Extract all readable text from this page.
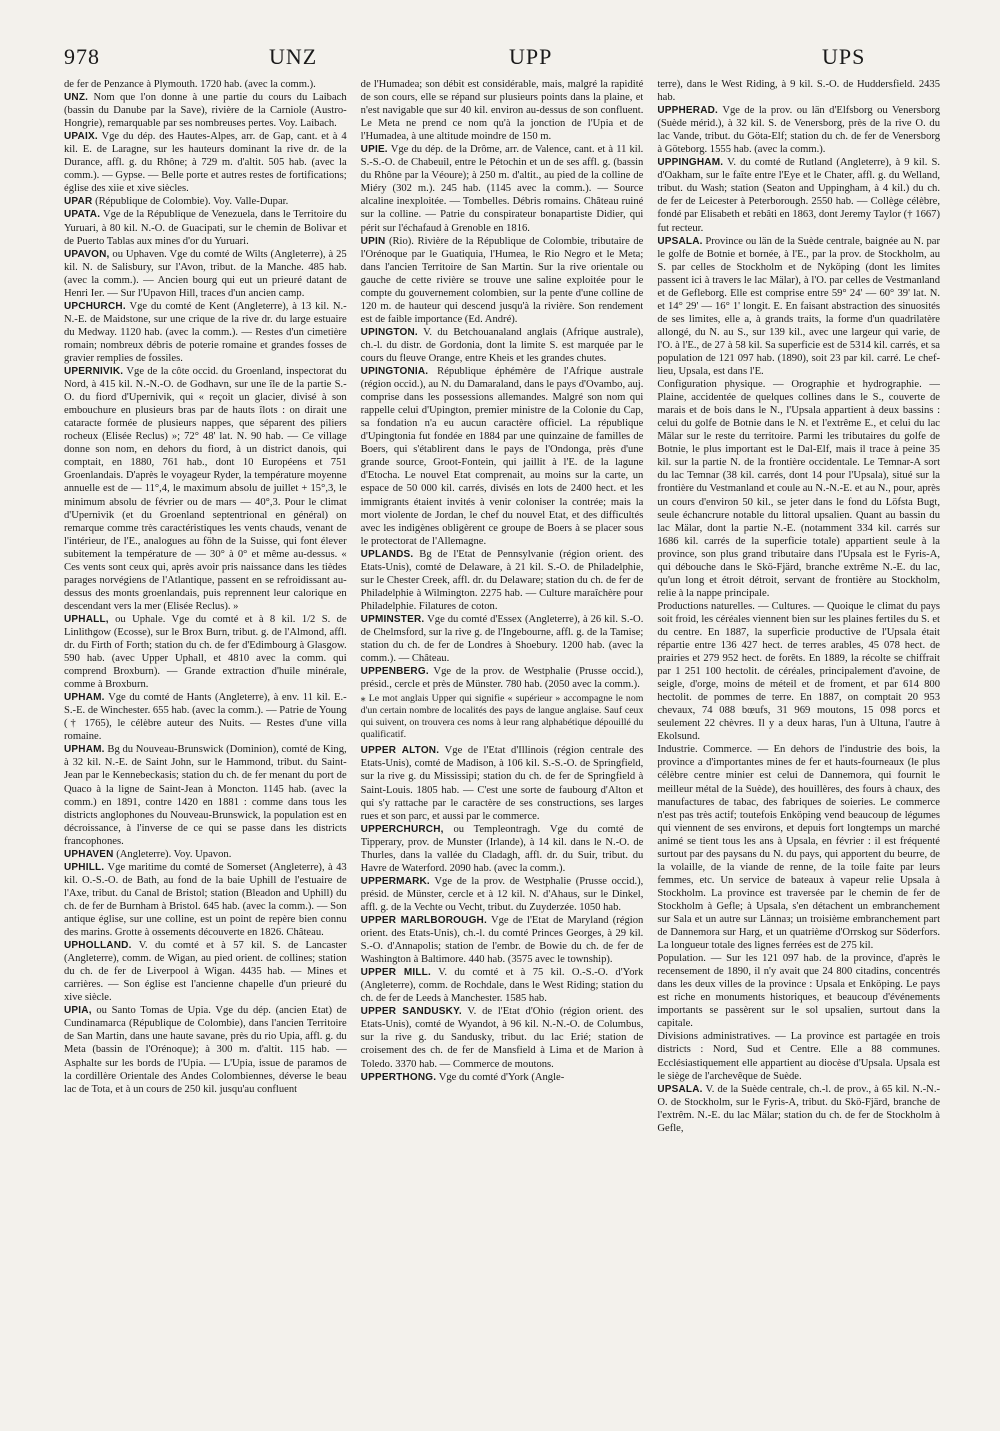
978	UNZ	UPP	UPS

de fer de Penzance à Plymouth. 1720 hab. (avec la comm.).

UNZ. Nom que l'on donne à une partie du cours du Laibach (bassin du Danube par la Save), rivière de la Carniole (Austro-Hongrie), remarquable par ses nombreuses pertes. Voy. Laibach.

UPAIX. Vge du dép. des Hautes-Alpes, arr. de Gap, cant. et à 4 kil. E. de Laragne, sur les hauteurs dominant la rive dr. de la Durance, affl. g. du Rhône; à 729 m. d'altit. 505 hab. (avec la comm.). — Gypse. — Belle porte et autres restes de fortifications; église des xiie et xive siècles.

UPAR (République de Colombie). Voy. Valle-Dupar.

UPATA. Vge de la République de Venezuela, dans le Territoire du Yuruari, à 80 kil. N.-O. de Guacipati, sur le chemin de Bolivar et de Puerto Tablas aux mines d'or du Yuruari.

UPAVON, ou Uphaven. Vge du comté de Wilts (Angleterre), à 25 kil. N. de Salisbury, sur l'Avon, tribut. de la Manche. 485 hab. (avec la comm.). — Ancien bourg qui eut un prieuré datant de Henri Ier. — Sur l'Upavon Hill, traces d'un ancien camp.

UPCHURCH. Vge du comté de Kent (Angleterre), à 13 kil. N.-N.-E. de Maidstone, sur une crique de la rive dr. du large estuaire du Medway. 1120 hab. (avec la comm.). — Restes d'un cimetière romain; nombreux débris de poterie romaine et grandes fosses de gravier remplies de fossiles.

UPERNIVIK. Vge de la côte occid. du Groenland, inspectorat du Nord, à 415 kil. N.-N.-O. de Godhavn, sur une île de la partie S.-O. du fiord d'Upernivik, qui « reçoit un glacier, divisé à son embouchure en plusieurs bras par de hauts îlots : on dirait une cataracte formée de plusieurs nappes, que séparent des piliers rocheux (Elisée Reclus) »; 72° 48' lat. N. 90 hab. — Ce village donne son nom, en dehors du fiord, à un district danois, qui comptait, en 1880, 761 hab., dont 10 Européens et 751 Groenlandais. D'après le voyageur Ryder, la température moyenne annuelle est de — 11°,4, le maximum absolu de juillet + 15°,3, le minimum absolu de février ou de mars — 40°,3. Pour le climat d'Upernivik (et du Groenland septentrional en général) on remarque comme très caractéristiques les vents chauds, venant de l'intérieur, de l'E., analogues au föhn de la Suisse, qui font élever subitement la température de — 30° à 0° et même au-dessus. « Ces vents sont ceux qui, après avoir pris naissance dans les tièdes parages norvégiens de l'Atlantique, passent en se refroidissant au-dessus des monts groenlandais, puis reprennent leur calorique en descendant vers la mer (Elisée Reclus). »

UPHALL, ou Uphale. Vge du comté et à 8 kil. 1/2 S. de Linlithgow (Ecosse), sur le Brox Burn, tribut. g. de l'Almond, affl. dr. du Firth of Forth; station du ch. de fer d'Edimbourg à Glasgow. 590 hab. (avec Upper Uphall, et 4810 avec la comm. qui comprend Broxburn). — Grande extraction d'huile minérale, comme à Broxburn.

UPHAM. Vge du comté de Hants (Angleterre), à env. 11 kil. E.-S.-E. de Winchester. 655 hab. (avec la comm.). — Patrie de Young († 1765), le célèbre auteur des Nuits. — Restes d'une villa romaine.

UPHAM. Bg du Nouveau-Brunswick (Dominion), comté de King, à 32 kil. N.-E. de Saint John, sur le Hammond, tribut. du Saint-Jean par le Kennebeckasis; station du ch. de fer menant du port de Quaco à la ligne de Saint-Jean à Moncton. 1145 hab. (avec la comm.) en 1891, contre 1420 en 1881 : comme dans tous les districts anglophones du Nouveau-Brunswick, la population est en décroissance, à l'inverse de ce qui se passe dans les districts francophones.

UPHAVEN (Angleterre). Voy. Upavon.

UPHILL. Vge maritime du comté de Somerset (Angleterre), à 43 kil. O.-S.-O. de Bath, au fond de la baie Uphill de l'estuaire de l'Axe, tribut. du Canal de Bristol; station (Bleadon and Uphill) du ch. de fer de Burnham à Bristol. 645 hab. (avec la comm.). — Son antique église, sur une colline, est un point de repère bien connu des marins. Grotte à ossements découverte en 1826. Château.

UPHOLLAND. V. du comté et à 57 kil. S. de Lancaster (Angleterre), comm. de Wigan, au pied orient. de collines; station du ch. de fer de Liverpool à Wigan. 4435 hab. — Mines et carrières. — Son église est l'ancienne chapelle d'un prieuré du xive siècle.

UPIA, ou Santo Tomas de Upia. Vge du dép. (ancien Etat) de Cundinamarca (République de Colombie), dans l'ancien Territoire de San Martin, dans une haute savane, près du rio Upia, affl. g. du Meta (bassin de l'Orénoque); à 300 m. d'altit. 115 hab. — Asphalte sur les bords de l'Upia. — L'Upia, issue de paramos de la cordillère Orientale des Andes Colombiennes, déverse le beau lac de Tota, et à un cours de 250 kil. jusqu'au confluent

de l'Humadea; son débit est considérable, mais, malgré la rapidité de son cours, elle se répand sur plusieurs points dans la plaine, et n'est navigable que sur 40 kil. environ au-dessus de son confluent. Le Meta ne prend ce nom qu'à la jonction de l'Upia et de l'Humadea, à une altitude moindre de 150 m.

UPIE. Vge du dép. de la Drôme, arr. de Valence, cant. et à 11 kil. S.-S.-O. de Chabeuil, entre le Pétochin et un de ses affl. g. (bassin du Rhône par la Véoure); à 250 m. d'altit., au pied de la colline de Miéry (302 m.). 245 hab. (1145 avec la comm.). — Source alcaline inexploitée. — Tombelles. Débris romains. Château ruiné sur la colline. — Patrie du conspirateur bonapartiste Didier, qui périt sur l'échafaud à Grenoble en 1816.

UPIN (Rio). Rivière de la République de Colombie, tributaire de l'Orénoque par le Guatiquia, l'Humea, le Rio Negro et le Meta; dans l'ancien Territoire de San Martin. Sur la rive orientale ou gauche de cette rivière se trouve une saline exploitée pour le compte du gouvernement colombien, sur la pente d'une colline de 120 m. de hauteur qui descend jusqu'à la rivière. Son rendement est de faible importance (Ed. André).

UPINGTON. V. du Betchouanaland anglais (Afrique australe), ch.-l. du distr. de Gordonia, dont la limite S. est marquée par le cours du fleuve Orange, entre Kheis et les grandes chutes.

UPINGTONIA. République éphémère de l'Afrique australe (région occid.), au N. du Damaraland, dans le pays d'Ovambo, auj. comprise dans les possessions allemandes. Malgré son nom qui rappelle celui d'Upington, premier ministre de la Colonie du Cap, sa fondation n'a eu aucun caractère officiel. La république d'Upingtonia fut fondée en 1884 par une quinzaine de familles de Boers, qui s'établirent dans le pays de l'Ondonga, près d'une grande source, Groot-Fontein, qui jaillit à l'E. de la lagune d'Etocha. Le nouvel Etat comprenait, au moins sur la carte, un espace de 50 000 kil. carrés, divisés en lots de 2400 hect. et les immigrants étaient invités à venir coloniser la contrée; mais la mort violente de Jordan, le chef du nouvel Etat, et des difficultés avec les indigènes obligèrent ce groupe de Boers à se placer sous le protectorat de l'Allemagne.

UPLANDS. Bg de l'Etat de Pennsylvanie (région orient. des Etats-Unis), comté de Delaware, à 21 kil. S.-O. de Philadelphie, sur le Chester Creek, affl. dr. du Delaware; station du ch. de fer de Philadelphie à Wilmington. 2275 hab. — Culture maraîchère pour Philadelphie. Filatures de coton.

UPMINSTER. Vge du comté d'Essex (Angleterre), à 26 kil. S.-O. de Chelmsford, sur la rive g. de l'Ingebourne, affl. g. de la Tamise; station du ch. de fer de Londres à Shoebury. 1200 hab. (avec la comm.). — Château.

UPPENBERG. Vge de la prov. de Westphalie (Prusse occid.), présid., cercle et près de Münster. 780 hab. (2050 avec la comm.).

⁎ Le mot anglais Upper qui signifie « supérieur » accompagne le nom d'un certain nombre de localités des pays de langue anglaise. Sauf ceux qui suivent, on trouvera ces noms à leur rang alphabétique dépouillé du qualificatif.

UPPER ALTON. Vge de l'Etat d'Illinois (région centrale des Etats-Unis), comté de Madison, à 106 kil. S.-S.-O. de Springfield, sur la rive g. du Mississipi; station du ch. de fer de Springfield à Saint-Louis. 1805 hab. — C'est une sorte de faubourg d'Alton et qui s'y rattache par le caractère de ses constructions, ses larges rues et son parc, et aussi par le commerce.

UPPERCHURCH, ou Templeontragh. Vge du comté de Tipperary, prov. de Munster (Irlande), à 14 kil. dans le N.-O. de Thurles, dans la vallée du Cladagh, affl. dr. du Suir, tribut. du Havre de Waterford. 2090 hab. (avec la comm.).

UPPERMARK. Vge de la prov. de Westphalie (Prusse occid.), présid. de Münster, cercle et à 12 kil. N. d'Ahaus, sur le Dinkel, affl. g. de la Vechte ou Vecht, tribut. du Zuyderzée. 1050 hab.

UPPER MARLBOROUGH. Vge de l'Etat de Maryland (région orient. des Etats-Unis), ch.-l. du comté Princes Georges, à 29 kil. S.-O. d'Annapolis; station de l'embr. de Bowie du ch. de fer de Washington à Baltimore. 440 hab. (3575 avec le township).

UPPER MILL. V. du comté et à 75 kil. O.-S.-O. d'York (Angleterre), comm. de Rochdale, dans le West Riding; station du ch. de fer de Leeds à Manchester. 1585 hab.

UPPER SANDUSKY. V. de l'Etat d'Ohio (région orient. des Etats-Unis), comté de Wyandot, à 96 kil. N.-N.-O. de Columbus, sur la rive g. du Sandusky, tribut. du lac Erié; station de croisement des ch. de fer de Mansfield à Lima et de Marion à Toledo. 3370 hab. — Commerce de moutons.

UPPERTHONG. Vge du comté d'York (Angle-

terre), dans le West Riding, à 9 kil. S.-O. de Huddersfield. 2435 hab.

UPPHERAD. Vge de la prov. ou län d'Elfsborg ou Venersborg (Suède mérid.), à 32 kil. S. de Venersborg, près de la rive O. du lac Vande, tribut. du Göta-Elf; station du ch. de fer de Venersborg à Göteborg. 1555 hab. (avec la comm.).

UPPINGHAM. V. du comté de Rutland (Angleterre), à 9 kil. S. d'Oakham, sur le faîte entre l'Eye et le Chater, affl. g. du Welland, tribut. du Wash; station (Seaton and Uppingham, à 4 kil.) du ch. de fer de Leicester à Peterborough. 2550 hab. — Collège célèbre, fondé par Elisabeth et rebâti en 1863, dont Jeremy Taylor († 1667) fut recteur.

UPSALA. Province ou län de la Suède centrale, baignée au N. par le golfe de Botnie et bornée, à l'E., par la prov. de Stockholm, au S. par celles de Stockholm et de Nyköping (dont les limites passent ici à travers le lac Mälar), à l'O. par celles de Vestmanland et de Gefleborg. Elle est comprise entre 59° 24' — 60° 39' lat. N. et 14° 29' — 16° 1' longit. E. En faisant abstraction des sinuosités de ses limites, elle a, à grands traits, la forme d'un quadrilatère allongé, du N. au S., sur 139 kil., avec une largeur qui varie, de l'O. à l'E., de 27 à 58 kil. Sa superficie est de 5314 kil. carrés, et sa population de 121 097 hab. (1890), soit 23 par kil. carré. Le chef-lieu, Upsala, est dans l'E.

Configuration physique. — Orographie et hydrographie. — Plaine, accidentée de quelques collines dans le S., couverte de marais et de bois dans le N., l'Upsala appartient à deux bassins : celui du golfe de Botnie dans le N. et l'extrême E., et celui du lac Mälar sur le reste du territoire. Parmi les tributaires du golfe de Botnie, le plus important est le Dal-Elf, mais il trace à peine 35 kil. sur la partie N. de la frontière occidentale. Le Temnar-A sort du lac Temnar (38 kil. carrés, dont 14 pour l'Upsala), situé sur la frontière du Vestmanland et coule au N.-N.-E. et au N., pour, après un cours d'environ 50 kil., se jeter dans le fond du Löfsta Bugt, seule échancrure notable du littoral upsalien. Quant au bassin du lac Mälar, dont la partie N.-E. (notamment 334 kil. carrés sur 1686 kil. carrés de la superficie totale) appartient seule à la province, son plus grand tributaire dans l'Upsala est le Fyris-A, qui débouche dans le Skö-Fjärd, branche extrême N.-E. du lac, qu'un long et étroit détroit, servant de frontière au Stockholm, relie à la nappe principale.

Productions naturelles. — Cultures. — Quoique le climat du pays soit froid, les céréales viennent bien sur les plaines fertiles du S. et du centre. En 1887, la superficie productive de l'Upsala était répartie entre 136 427 hect. de terres arables, 45 078 hect. de prairies et 279 952 hect. de forêts. En 1889, la récolte se chiffrait par 1 251 100 hectolit. de céréales, principalement d'avoine, de seigle, d'orge, moins de méteil et de froment, et par 614 800 hectolit. de pommes de terre. En 1887, on comptait 20 953 chevaux, 74 088 bœufs, 31 969 moutons, 15 098 porcs et seulement 22 chèvres. Il y a deux haras, l'un à Ultuna, l'autre à Ekolsund.

Industrie. Commerce. — En dehors de l'industrie des bois, la province a d'importantes mines de fer et hauts-fourneaux (le plus célèbre centre minier est celui de Dannemora, qui fournit le meilleur métal de la Suède), des houillères, des fours à chaux, des manufactures de tabac, des fabriques de soieries. Le commerce n'est pas très actif; toutefois Enköping vend beaucoup de légumes qui viennent de ses environs, et depuis fort longtemps un marché animé se tient tous les ans à Upsala, en février : il est fréquenté surtout par des paysans du N. du pays, qui apportent du beurre, de la volaille, de la viande de renne, de la toile faite par leurs femmes, etc. Un service de bateaux à vapeur relie Upsala à Stockholm. La province est traversée par le chemin de fer de Stockholm à Gefle; à Upsala, s'en détachent un embranchement sur Sala et un autre sur Lännaз; un troisième embranchement part de Dannemora sur Harg, et un quatrième d'Orrskog sur Söderfors. La longueur totale des lignes ferrées est de 275 kil.

Population. — Sur les 121 097 hab. de la province, d'après le recensement de 1890, il n'y avait que 24 800 citadins, concentrés dans les deux villes de la province : Upsala et Enköping. Le pays est riche en monuments historiques, et beaucoup d'événements importants se passèrent sur le sol upsalien, surtout dans la capitale.

Divisions administratives. — La province est partagée en trois districts : Nord, Sud et Centre. Elle a 88 communes. Ecclésiastiquement elle appartient au diocèse d'Upsala. Upsala est le siège de l'archevêque de Suède.

UPSALA. V. de la Suède centrale, ch.-l. de prov., à 65 kil. N.-N.-O. de Stockholm, sur le Fyris-A, tribut. du Skö-Fjärd, branche de l'extrêm. N.-E. du lac Mälar; station du ch. de fer de Stockholm à Gefle,
